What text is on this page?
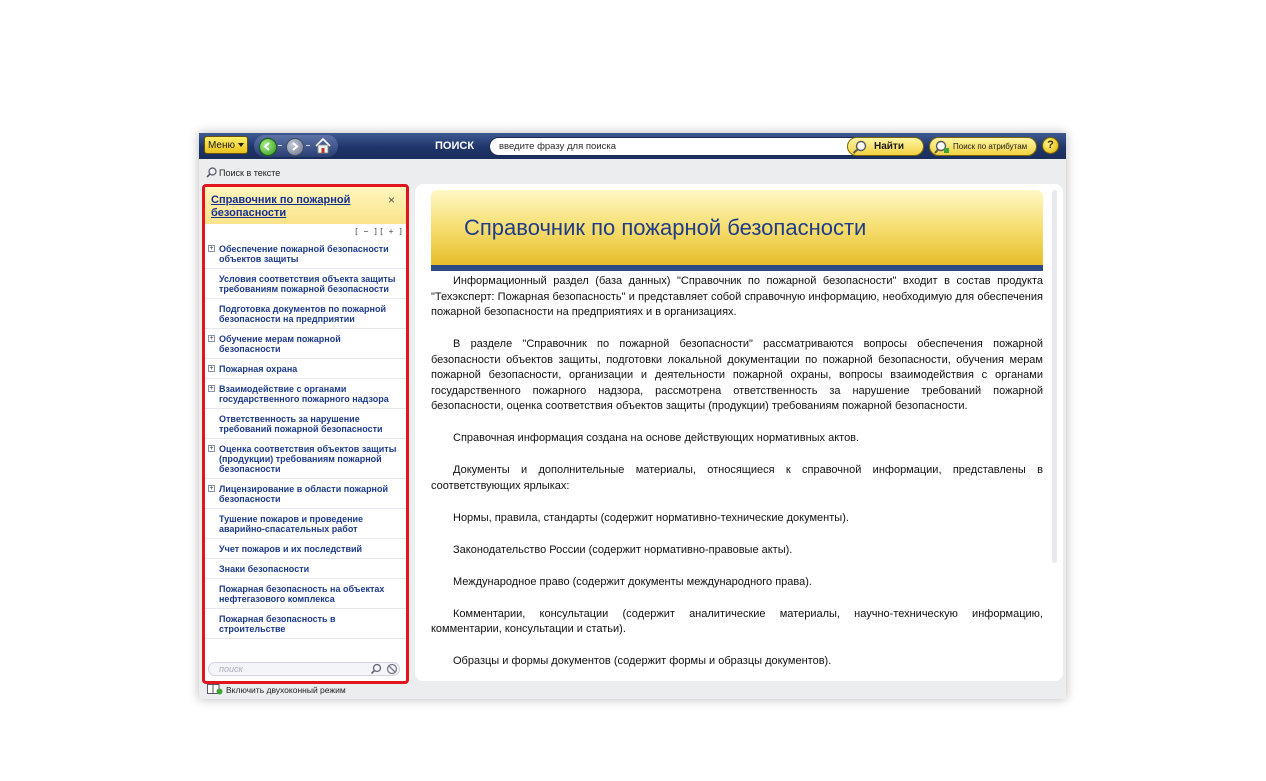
Меню	ПОИСК	введите фразу для поиска	Найти	Поиск по атрибутам	?
Поиск в тексте
Справочник по пожарной безопасности
×
[ − ] [ + ]
+ Обеспечение пожарной безопасности объектов защиты
Условия соответствия объекта защиты требованиям пожарной безопасности
Подготовка документов по пожарной безопасности на предприятии
+ Обучение мерам пожарной безопасности
+ Пожарная охрана
+ Взаимодействие с органами государственного пожарного надзора
Ответственность за нарушение требований пожарной безопасности
+ Оценка соответствия объектов защиты (продукции) требованиям пожарной безопасности
+ Лицензирование в области пожарной безопасности
Тушение пожаров и проведение аварийно-спасательных работ
Учет пожаров и их последствий
Знаки безопасности
Пожарная безопасность на объектах нефтегазового комплекса
Пожарная безопасность в строительстве
поиск
Справочник по пожарной безопасности

Информационный раздел (база данных) "Справочник по пожарной безопасности" входит в состав продукта "Техэксперт: Пожарная безопасность" и представляет собой справочную информацию, необходимую для обеспечения пожарной безопасности на предприятиях и в организациях.

В разделе "Справочник по пожарной безопасности" рассматриваются вопросы обеспечения пожарной безопасности объектов защиты, подготовки локальной документации по пожарной безопасности, обучения мерам пожарной безопасности, организации и деятельности пожарной охраны, вопросы взаимодействия с органами государственного пожарного надзора, рассмотрена ответственность за нарушение требований пожарной безопасности, оценка соответствия объектов защиты (продукции) требованиям пожарной безопасности.

Справочная информация создана на основе действующих нормативных актов.

Документы и дополнительные материалы, относящиеся к справочной информации, представлены в соответствующих ярлыках:

Нормы, правила, стандарты (содержит нормативно-технические документы).

Законодательство России (содержит нормативно-правовые акты).

Международное право (содержит документы международного права).

Комментарии, консультации (содержит аналитические материалы, научно-техническую информацию, комментарии, консультации и статьи).

Образцы и формы документов (содержит формы и образцы документов).

Включить двухоконный режим
